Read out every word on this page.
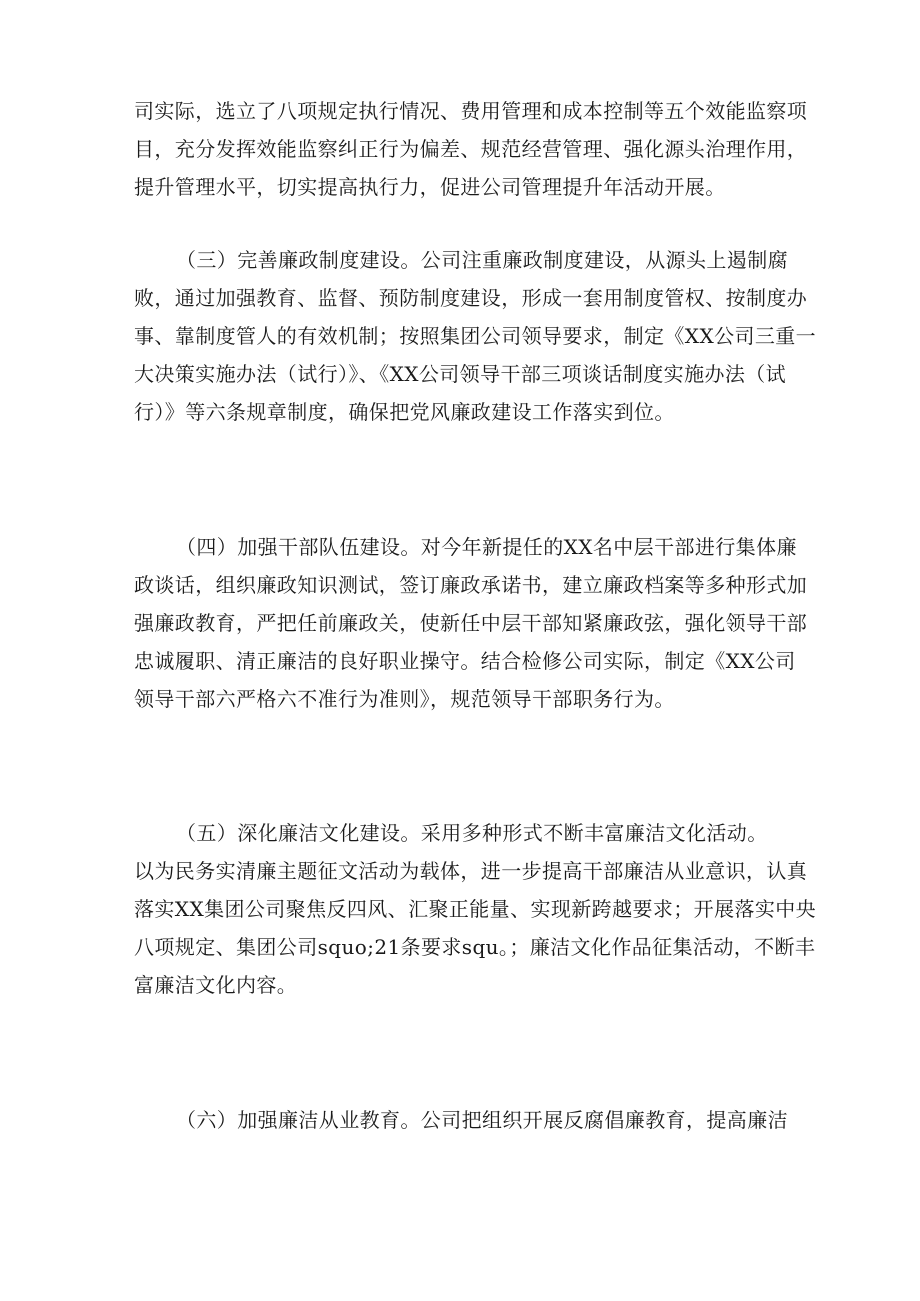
司实际，选立了八项规定执行情况、费用管理和成本控制等五个效能监察项
目，充分发挥效能监察纠正行为偏差、规范经营管理、强化源头治理作用，
提升管理水平，切实提高执行力，促进公司管理提升年活动开展。
（三）完善廉政制度建设。公司注重廉政制度建设，从源头上遏制腐
败，通过加强教育、监督、预防制度建设，形成一套用制度管权、按制度办
事、靠制度管人的有效机制；按照集团公司领导要求，制定《XX公司三重一
大决策实施办法（试行）》、《XX公司领导干部三项谈话制度实施办法（试
行）》等六条规章制度，确保把党风廉政建设工作落实到位。
（四）加强干部队伍建设。对今年新提任的XX名中层干部进行集体廉
政谈话，组织廉政知识测试，签订廉政承诺书，建立廉政档案等多种形式加
强廉政教育，严把任前廉政关，使新任中层干部知紧廉政弦，强化领导干部
忠诚履职、清正廉洁的良好职业操守。结合检修公司实际，制定《XX公司
领导干部六严格六不准行为准则》，规范领导干部职务行为。
（五）深化廉洁文化建设。采用多种形式不断丰富廉洁文化活动。
以为民务实清廉主题征文活动为载体，进一步提高干部廉洁从业意识，认真
落实XX集团公司聚焦反四风、汇聚正能量、实现新跨越要求；开展落实中央
八项规定、集团公司squo;21条要求squ。；廉洁文化作品征集活动，不断丰
富廉洁文化内容。
（六）加强廉洁从业教育。公司把组织开展反腐倡廉教育，提高廉洁
